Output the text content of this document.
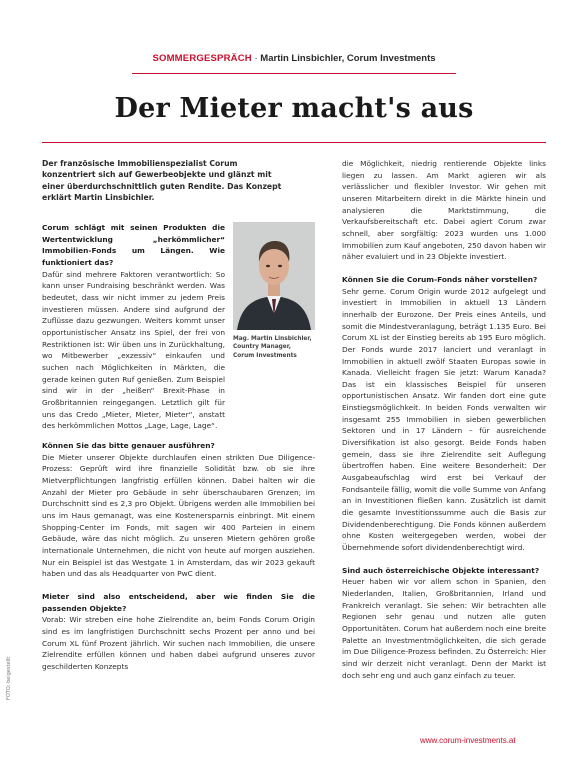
SOMMERGESPRÄCH · Martin Linsbichler, Corum Investments
Der Mieter macht's aus
Der französische Immobilienspezialist Corum konzentriert sich auf Gewerbeobjekte und glänzt mit einer überdurchschnittlich guten Rendite. Das Konzept erklärt Martin Linsbichler.

Corum schlägt mit seinen Produkten die Wertentwicklung „herkömmlicher“ Immobilien-Fonds um Längen. Wie funktioniert das?

Dafür sind mehrere Faktoren verantwortlich: So kann unser Fundraising beschränkt werden. Was bedeutet, dass wir nicht immer zu jedem Preis investieren müssen. Andere sind aufgrund der Zuflüsse dazu gezwungen. Weiters kommt unser opportunistischer Ansatz ins Spiel, der frei von Restriktionen ist: Wir üben uns in Zurückhaltung, wo Mitbewerber „exzessiv“ einkaufen und suchen nach Möglichkeiten in Märkten, die gerade keinen guten Ruf genießen. Zum Beispiel sind wir in der „heißen“ Brexit-Phase in Großbritannien reingegangen. Letztlich gilt für uns das Credo „Mieter, Mieter, Mieter“, anstatt des herkömmlichen Mottos „Lage, Lage, Lage“.

Mag. Martin Linsbichler,
Country Manager,
Corum Investments

Können Sie das bitte genauer ausführen?

Die Mieter unserer Objekte durchlaufen einen strikten Due Diligence-Prozess: Geprüft wird ihre finanzielle Solidität bzw. ob sie ihre Mietverpflichtungen langfristig erfüllen können. Dabei halten wir die Anzahl der Mieter pro Gebäude in sehr überschaubaren Grenzen; im Durchschnitt sind es 2,3 pro Objekt. Übrigens werden alle Immobilien bei uns im Haus gemanagt, was eine Kostenersparnis einbringt. Mit einem Shopping-Center im Fonds, mit sagen wir 400 Parteien in einem Gebäude, wäre das nicht möglich. Zu unseren Mietern gehören große internationale Unternehmen, die nicht von heute auf morgen ausziehen. Nur ein Beispiel ist das Westgate 1 in Amsterdam, das wir 2023 gekauft haben und das als Headquarter von PwC dient.

Mieter sind also entscheidend, aber wie finden Sie die passenden Objekte?

Vorab: Wir streben eine hohe Zielrendite an, beim Fonds Corum Origin sind es im langfristigen Durchschnitt sechs Prozent per anno und bei Corum XL fünf Prozent jährlich. Wir suchen nach Immobilien, die unsere Zielrendite erfüllen können und haben dabei aufgrund unseres zuvor geschilderten Konzepts

die Möglichkeit, niedrig rentierende Objekte links liegen zu lassen. Am Markt agieren wir als verlässlicher und flexibler Investor. Wir gehen mit unseren Mitarbeitern direkt in die Märkte hinein und analysieren die Marktstimmung, die Verkaufsbereitschaft etc. Dabei agiert Corum zwar schnell, aber sorgfältig: 2023 wurden uns 1.000 Immobilien zum Kauf angeboten, 250 davon haben wir näher evaluiert und in 23 Objekte investiert.

Können Sie die Corum-Fonds näher vorstellen?

Sehr gerne. Corum Origin wurde 2012 aufgelegt und investiert in Immobilien in aktuell 13 Ländern innerhalb der Eurozone. Der Preis eines Anteils, und somit die Mindestveranlagung, beträgt 1.135 Euro. Bei Corum XL ist der Einstieg bereits ab 195 Euro möglich. Der Fonds wurde 2017 lanciert und veranlagt in Immobilien in aktuell zwölf Staaten Europas sowie in Kanada. Vielleicht fragen Sie jetzt: Warum Kanada? Das ist ein klassisches Beispiel für unseren opportunistischen Ansatz. Wir fanden dort eine gute Einstiegsmöglichkeit. In beiden Fonds verwalten wir insgesamt 255 Immobilien in sieben gewerblichen Sektoren und in 17 Ländern – für ausreichende Diversifikation ist also gesorgt. Beide Fonds haben gemein, dass sie ihre Zielrendite seit Auflegung übertroffen haben. Eine weitere Besonderheit: Der Ausgabeaufschlag wird erst bei Verkauf der Fondsanteile fällig, womit die volle Summe von Anfang an in Investitionen fließen kann. Zusätzlich ist damit die gesamte Investitionssumme auch die Basis zur Dividendenberechtigung. Die Fonds können außerdem ohne Kosten weitergegeben werden, wobei der Übernehmende sofort dividendenberechtigt wird.

Sind auch österreichische Objekte interessant?

Heuer haben wir vor allem schon in Spanien, den Niederlanden, Italien, Großbritannien, Irland und Frankreich veranlagt. Sie sehen: Wir betrachten alle Regionen sehr genau und nutzen alle guten Opportunitäten. Corum hat außerdem noch eine breite Palette an Investmentmöglichkeiten, die sich gerade im Due Diligence-Prozess befinden. Zu Österreich: Hier sind wir derzeit nicht veranlagt. Denn der Markt ist doch sehr eng und auch ganz einfach zu teuer.

FOTO: beigestellt
www.corum-investments.at
